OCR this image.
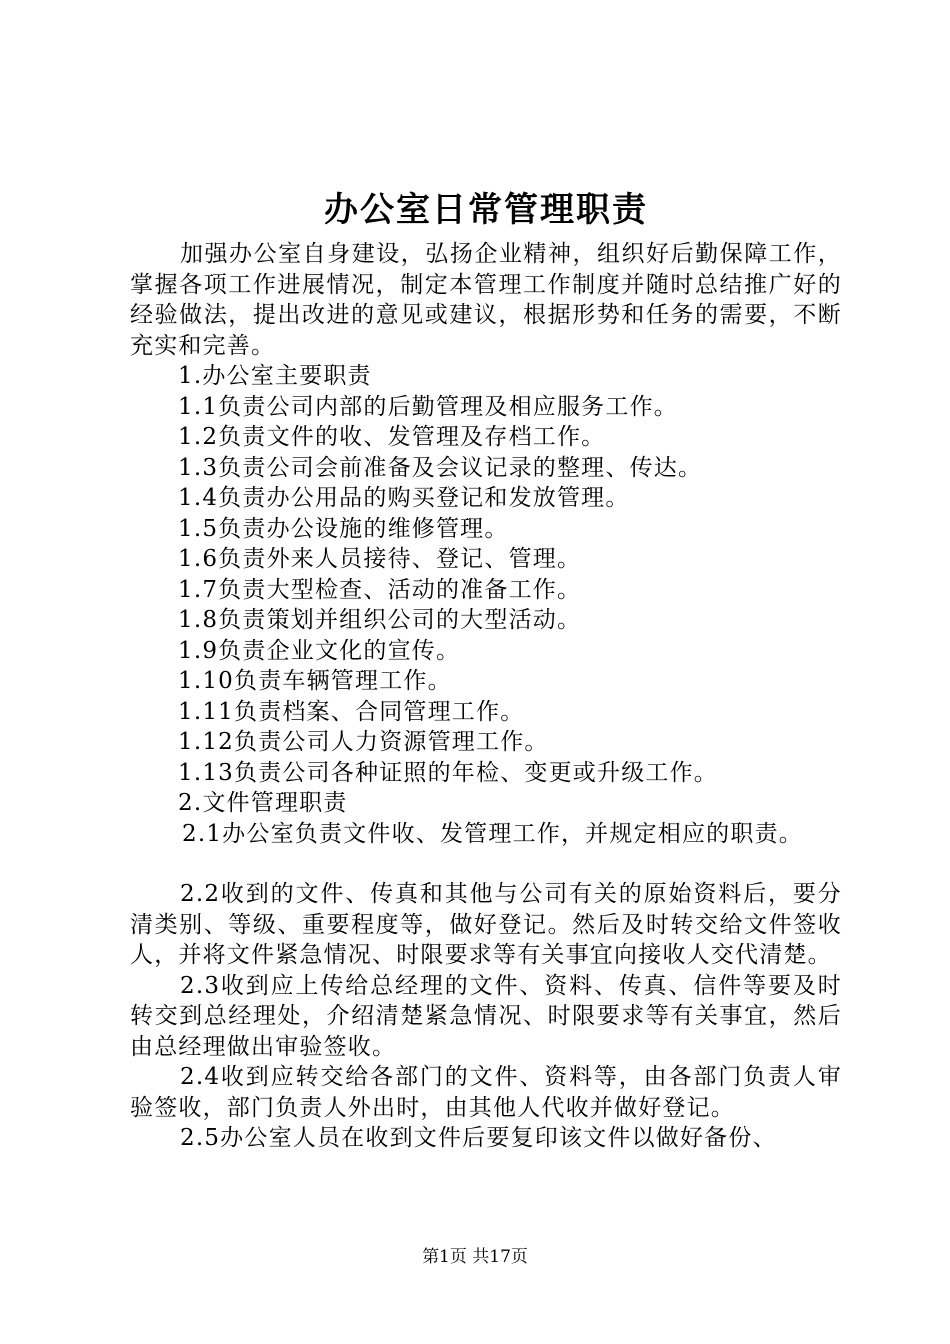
办公室日常管理职责

加强办公室自身建设，弘扬企业精神，组织好后勤保障工作，掌握各项工作进展情况，制定本管理工作制度并随时总结推广好的经验做法，提出改进的意见或建议，根据形势和任务的需要，不断充实和完善。

1.办公室主要职责

1.1负责公司内部的后勤管理及相应服务工作。

1.2负责文件的收、发管理及存档工作。

1.3负责公司会前准备及会议记录的整理、传达。

1.4负责办公用品的购买登记和发放管理。

1.5负责办公设施的维修管理。

1.6负责外来人员接待、登记、管理。

1.7负责大型检查、活动的准备工作。

1.8负责策划并组织公司的大型活动。

1.9负责企业文化的宣传。

1.10负责车辆管理工作。

1.11负责档案、合同管理工作。

1.12负责公司人力资源管理工作。

1.13负责公司各种证照的年检、变更或升级工作。

2.文件管理职责

2.1办公室负责文件收、发管理工作，并规定相应的职责。

2.2收到的文件、传真和其他与公司有关的原始资料后，要分清类别、等级、重要程度等，做好登记。然后及时转交给文件签收人，并将文件紧急情况、时限要求等有关事宜向接收人交代清楚。

2.3收到应上传给总经理的文件、资料、传真、信件等要及时转交到总经理处，介绍清楚紧急情况、时限要求等有关事宜，然后由总经理做出审验签收。

2.4收到应转交给各部门的文件、资料等，由各部门负责人审验签收，部门负责人外出时，由其他人代收并做好登记。

2.5办公室人员在收到文件后要复印该文件以做好备份、

第1页 共17页
